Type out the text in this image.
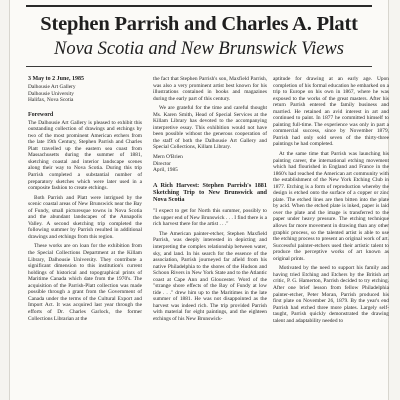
Stephen Parrish and Charles A. Platt
Nova Scotia and New Brunswick Views

3 May to 2 June, 1985

Dalhousie Art Gallery

Dalhousie University

Halifax, Nova Scotia

Foreword

The Dalhousie Art Gallery is pleased to exhibit this outstanding collection of drawings and etchings by two of the most prominent American etchers from the late 19th Century, Stephen Parrish and Charles Platt travelled up the eastern sea coast from Massachusetts during the summer of 1881, sketching coastal and interior landscape scenes along their way to Nova Scotia. During this trip Parrish completed a substantial number of preparatory sketches which were later used in a composite fashion to create etchings.

Both Parrish and Platt were intrigued by the scenic coastal areas of New Brunswick near the Bay of Fundy, small picturesque towns in Nova Scotia and the abundant landscapes of the Annapolis Valley. A second sketching trip completed the following summer by Parrish resulted in additional drawings and etchings from this region.

These works are on loan for the exhibition from the Special Collections Department at the Killam Library, Dalhousie University. They contribute a significant dimension to this institution's current holdings of historical and topographical prints of Maritime Canada which date from the 1970's. The acquisition of the Parrish-Platt collection was made possible through a grant from the Government of Canada under the terms of the Cultural Export and Import Act. It was acquired last year through the efforts of Dr. Charles Garlock, the former Collections Librarian at the

the fact that Stephen Parrish's son, Maxfield Parrish, was also a very prominent artist best known for his illustrations contained in books and magazines during the early part of this century.

We are grateful for the time and careful thought Ms. Karen Smith, Head of Special Services at the Killam Library has devoted to the accompanying interpretive essay. This exhibition would not have been possible without the generous cooperation of the staff of both the Dalhousie Art Gallery and Special Collections, Killam Library.

Mern O'Brien

Director

April, 1985

A Rich Harvest: Stephen Parrish's 1881 Sketching Trip to New Brunswick and Nova Scotia

"I expect to get for North this summer, possibly to the upper end of New Brunswick . . . I find there is a rich harvest there for the artist . . ."

The American painter-etcher, Stephen Maxfield Parrish, was deeply interested in depicting and interpreting the complex relationship between water, sky, and land. In his search for the essence of the association, Parrish journeyed far afield from his native Philadelphia to the shores of the Hudson and Schoon Rivers in New York State and to the Atlantic coast at Cape Ann and Gloucester. Word of the "strange shore effects of the Bay of Fundy at low tide . . ." drew him up to the Maritimes in the late summer of 1881. He was not disappointed as the harvest was indeed rich. The trip provided Parrish with material for eight paintings, and the eighteen etchings of his New Brunswick-

aptitude for drawing at an early age. Upon completion of his formal education he embarked on a trip to Europe on his own in 1867, where he was exposed to the works of the great masters. After his return Parrish entered the family business and married. He retained an avid interest in art and continued to paint. In 1877 he committed himself to painting full-time. The experience was only in part a commercial success, since by November 1879, Parrish had only sold seven of the thirty-three paintings he had completed.

At the same time that Parrish was launching his painting career, the international etching movement which had flourished in England and France in the 1860's had reached the American art community with the establishment of the New York Etching Club in 1877. Etching is a form of reproduction whereby the design is etched onto the surface of a copper or zinc plate. The etched lines are then bitten into the plate by acid. When the etched plate is inked, paper is laid over the plate and the image is transferred to the paper under heavy pressure. The etching technique allows far more movement in drawing than any other graphic process, so the talented artist is able to use the etching process to present an original work of art. Successful painter-etchers used their artistic talent to produce the perceptive works of art known as original prints.

Motivated by the need to support his family and having tried Etching and Etchers by the British art critic, P. G. Hamerton, Parrish decided to try etching. After one brief lesson from fellow Philadelphia painter-etcher, Peter Moran, Parrish produced his first plate on November 26, 1879. By the year's end Parrish had etched three more plates. Largely self-taught, Parrish quickly demonstrated the drawing talent and adaptability needed to
